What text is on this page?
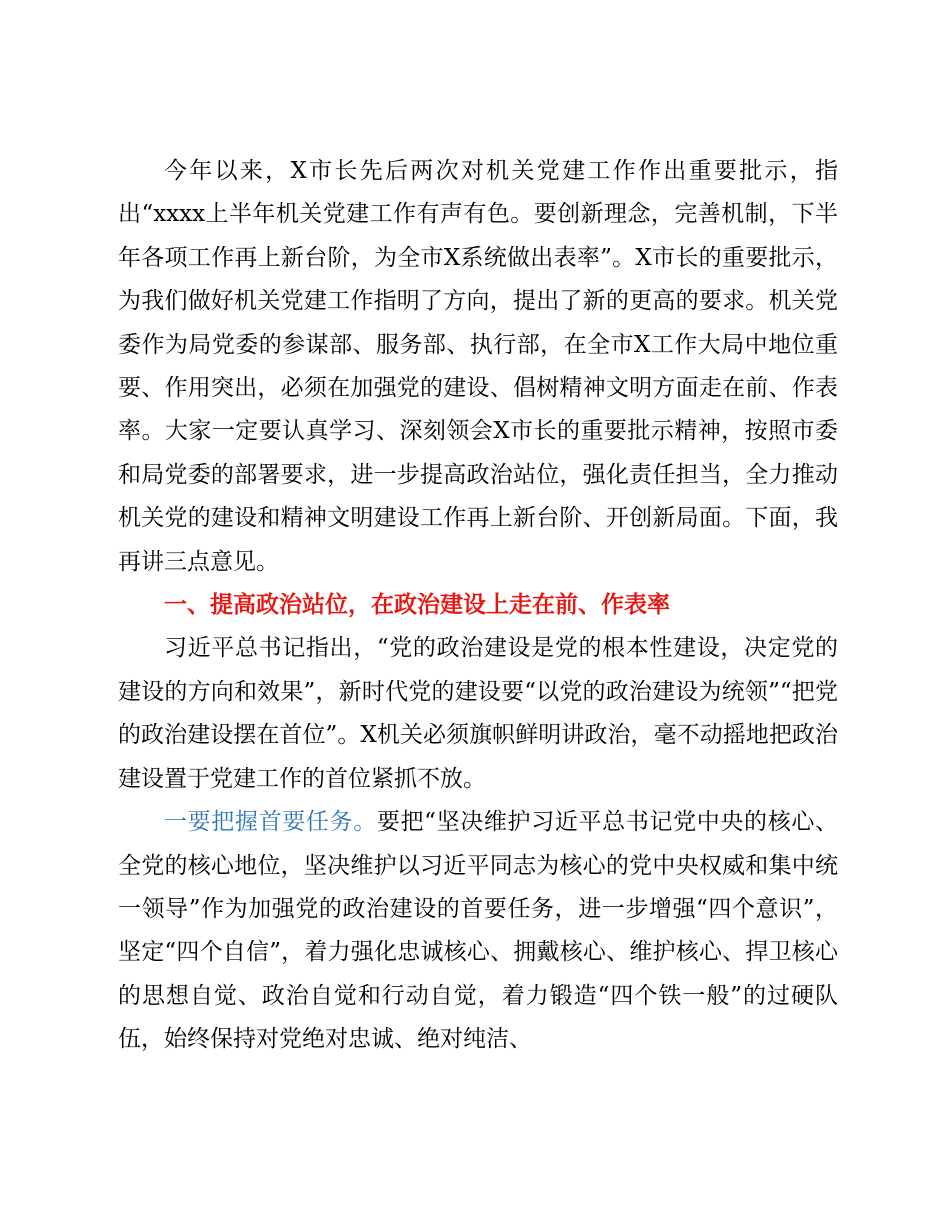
今年以来，X市长先后两次对机关党建工作作出重要批示，指出“xxxx上半年机关党建工作有声有色。要创新理念，完善机制，下半年各项工作再上新台阶，为全市X系统做出表率”。X市长的重要批示，为我们做好机关党建工作指明了方向，提出了新的更高的要求。机关党委作为局党委的参谋部、服务部、执行部，在全市X工作大局中地位重要、作用突出，必须在加强党的建设、倡树精神文明方面走在前、作表率。大家一定要认真学习、深刻领会X市长的重要批示精神，按照市委和局党委的部署要求，进一步提高政治站位，强化责任担当，全力推动机关党的建设和精神文明建设工作再上新台阶、开创新局面。下面，我再讲三点意见。

一、提高政治站位，在政治建设上走在前、作表率

习近平总书记指出，“党的政治建设是党的根本性建设，决定党的建设的方向和效果”，新时代党的建设要“以党的政治建设为统领”“把党的政治建设摆在首位”。X机关必须旗帜鲜明讲政治，毫不动摇地把政治建设置于党建工作的首位紧抓不放。

一要把握首要任务。要把“坚决维护习近平总书记党中央的核心、全党的核心地位，坚决维护以习近平同志为核心的党中央权威和集中统一领导”作为加强党的政治建设的首要任务，进一步增强“四个意识”，坚定“四个自信”，着力强化忠诚核心、拥戴核心、维护核心、捍卫核心的思想自觉、政治自觉和行动自觉，着力锻造“四个铁一般”的过硬队伍，始终保持对党绝对忠诚、绝对纯洁、
